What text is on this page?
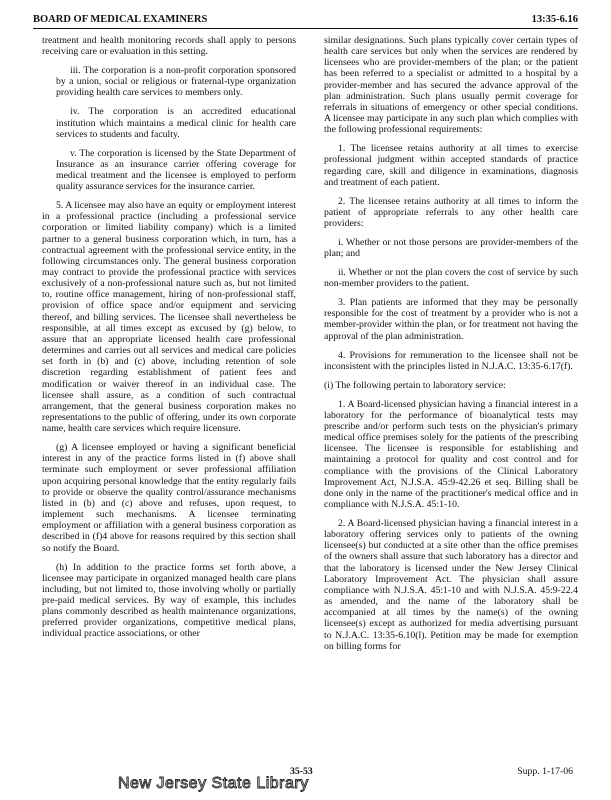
BOARD OF MEDICAL EXAMINERS	13:35-6.16

treatment and health monitoring records shall apply to persons receiving care or evaluation in this setting.

iii. The corporation is a non-profit corporation sponsored by a union, social or religious or fraternal-type organization providing health care services to members only.

iv. The corporation is an accredited educational institution which maintains a medical clinic for health care services to students and faculty.

v. The corporation is licensed by the State Department of Insurance as an insurance carrier offering coverage for medical treatment and the licensee is employed to perform quality assurance services for the insurance carrier.

5. A licensee may also have an equity or employment interest in a professional practice (including a professional service corporation or limited liability company) which is a limited partner to a general business corporation which, in turn, has a contractual agreement with the professional service entity, in the following circumstances only. The general business corporation may contract to provide the professional practice with services exclusively of a non-professional nature such as, but not limited to, routine office management, hiring of non-professional staff, provision of office space and/or equipment and servicing thereof, and billing services. The licensee shall nevertheless be responsible, at all times except as excused by (g) below, to assure that an appropriate licensed health care professional determines and carries out all services and medical care policies set forth in (b) and (c) above, including retention of sole discretion regarding establishment of patient fees and modification or waiver thereof in an individual case. The licensee shall assure, as a condition of such contractual arrangement, that the general business corporation makes no representations to the public of offering, under its own corporate name, health care services which require licensure.

(g) A licensee employed or having a significant beneficial interest in any of the practice forms listed in (f) above shall terminate such employment or sever professional affiliation upon acquiring personal knowledge that the entity regularly fails to provide or observe the quality control/assurance mechanisms listed in (b) and (c) above and refuses, upon request, to implement such mechanisms. A licensee terminating employment or affiliation with a general business corporation as described in (f)4 above for reasons required by this section shall so notify the Board.

(h) In addition to the practice forms set forth above, a licensee may participate in organized managed health care plans including, but not limited to, those involving wholly or partially pre-paid medical services. By way of example, this includes plans commonly described as health maintenance organizations, preferred provider organizations, competitive medical plans, individual practice associations, or other

similar designations. Such plans typically cover certain types of health care services but only when the services are rendered by licensees who are provider-members of the plan; or the patient has been referred to a specialist or admitted to a hospital by a provider-member and has secured the advance approval of the plan administration. Such plans usually permit coverage for referrals in situations of emergency or other special conditions. A licensee may participate in any such plan which complies with the following professional requirements:

1. The licensee retains authority at all times to exercise professional judgment within accepted standards of practice regarding care, skill and diligence in examinations, diagnosis and treatment of each patient.

2. The licensee retains authority at all times to inform the patient of appropriate referrals to any other health care providers:

i. Whether or not those persons are provider-members of the plan; and

ii. Whether or not the plan covers the cost of service by such non-member providers to the patient.

3. Plan patients are informed that they may be personally responsible for the cost of treatment by a provider who is not a member-provider within the plan, or for treatment not having the approval of the plan administration.

4. Provisions for remuneration to the licensee shall not be inconsistent with the principles listed in N.J.A.C. 13:35-6.17(f).

(i) The following pertain to laboratory service:

1. A Board-licensed physician having a financial interest in a laboratory for the performance of bioanalytical tests may prescribe and/or perform such tests on the physician's primary medical office premises solely for the patients of the prescribing licensee. The licensee is responsible for establishing and maintaining a protocol for quality and cost control and for compliance with the provisions of the Clinical Laboratory Improvement Act, N.J.S.A. 45:9-42.26 et seq. Billing shall be done only in the name of the practitioner's medical office and in compliance with N.J.S.A. 45:1-10.

2. A Board-licensed physician having a financial interest in a laboratory offering services only to patients of the owning licensee(s) but conducted at a site other than the office premises of the owners shall assure that such laboratory has a director and that the laboratory is licensed under the New Jersey Clinical Laboratory Improvement Act. The physician shall assure compliance with N.J.S.A. 45:1-10 and with N.J.S.A. 45:9-22.4 as amended, and the name of the laboratory shall be accompanied at all times by the name(s) of the owning licensee(s) except as authorized for media advertising pursuant to N.J.A.C. 13:35-6.10(l). Petition may be made for exemption on billing forms for

35-53	Supp. 1-17-06
New Jersey State Library
